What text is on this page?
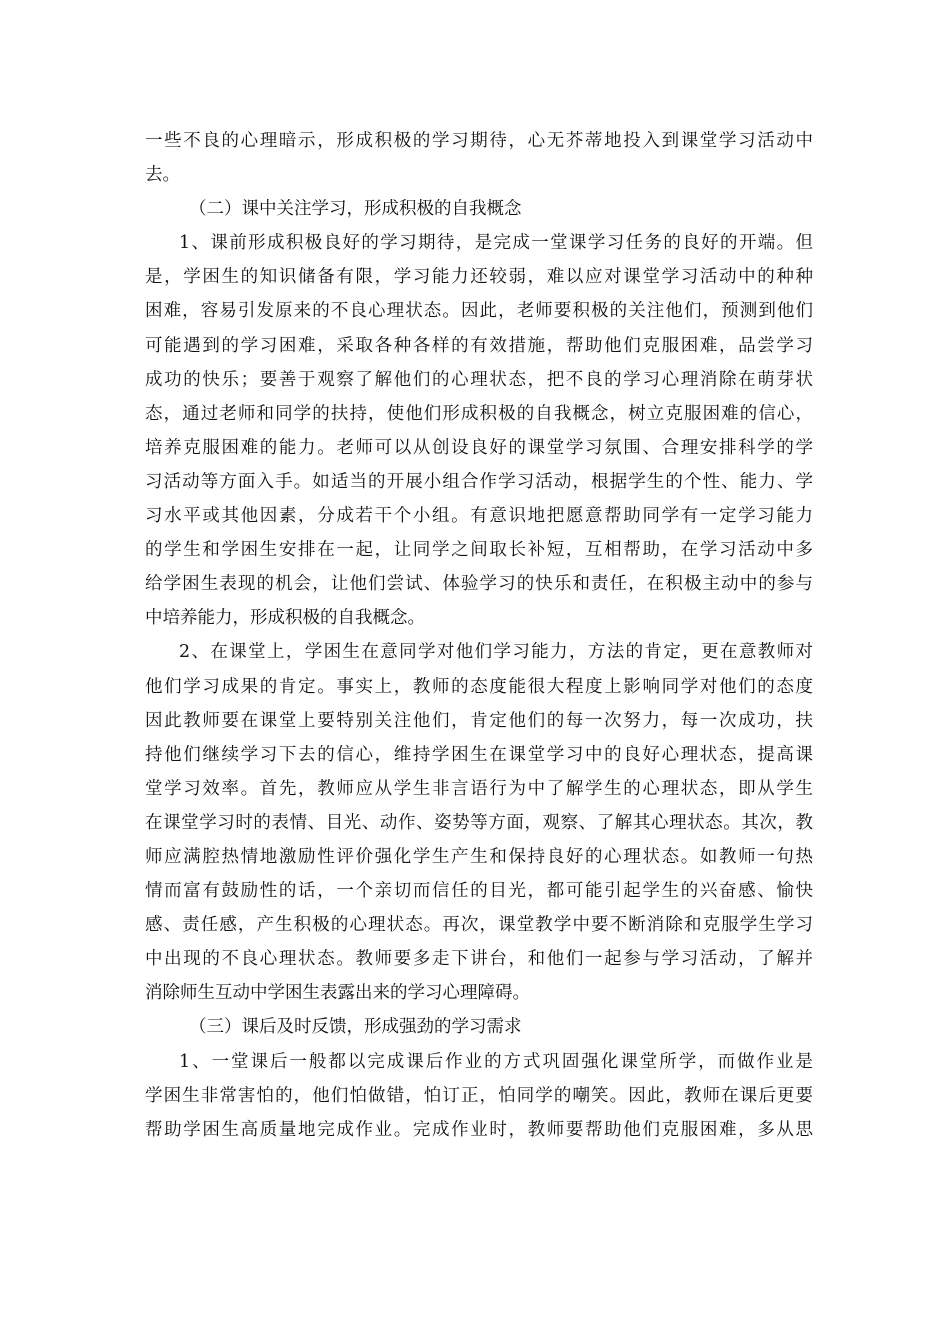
一些不良的心理暗示，形成积极的学习期待，心无芥蒂地投入到课堂学习活动中
去。
（二）课中关注学习，形成积极的自我概念
1、课前形成积极良好的学习期待，是完成一堂课学习任务的良好的开端。但
是，学困生的知识储备有限，学习能力还较弱，难以应对课堂学习活动中的种种
困难，容易引发原来的不良心理状态。因此，老师要积极的关注他们，预测到他们
可能遇到的学习困难，采取各种各样的有效措施，帮助他们克服困难，品尝学习
成功的快乐；要善于观察了解他们的心理状态，把不良的学习心理消除在萌芽状
态，通过老师和同学的扶持，使他们形成积极的自我概念，树立克服困难的信心，
培养克服困难的能力。老师可以从创设良好的课堂学习氛围、合理安排科学的学
习活动等方面入手。如适当的开展小组合作学习活动，根据学生的个性、能力、学
习水平或其他因素，分成若干个小组。有意识地把愿意帮助同学有一定学习能力
的学生和学困生安排在一起，让同学之间取长补短，互相帮助，在学习活动中多
给学困生表现的机会，让他们尝试、体验学习的快乐和责任，在积极主动中的参与
中培养能力，形成积极的自我概念。
2、在课堂上，学困生在意同学对他们学习能力，方法的肯定，更在意教师对
他们学习成果的肯定。事实上，教师的态度能很大程度上影响同学对他们的态度
因此教师要在课堂上要特别关注他们，肯定他们的每一次努力，每一次成功，扶
持他们继续学习下去的信心，维持学困生在课堂学习中的良好心理状态，提高课
堂学习效率。首先，教师应从学生非言语行为中了解学生的心理状态，即从学生
在课堂学习时的表情、目光、动作、姿势等方面，观察、了解其心理状态。其次，教
师应满腔热情地激励性评价强化学生产生和保持良好的心理状态。如教师一句热
情而富有鼓励性的话，一个亲切而信任的目光，都可能引起学生的兴奋感、愉快
感、责任感，产生积极的心理状态。再次，课堂教学中要不断消除和克服学生学习
中出现的不良心理状态。教师要多走下讲台，和他们一起参与学习活动，了解并
消除师生互动中学困生表露出来的学习心理障碍。
（三）课后及时反馈，形成强劲的学习需求
1、一堂课后一般都以完成课后作业的方式巩固强化课堂所学，而做作业是
学困生非常害怕的，他们怕做错，怕订正，怕同学的嘲笑。因此，教师在课后更要
帮助学困生高质量地完成作业。完成作业时，教师要帮助他们克服困难，多从思
